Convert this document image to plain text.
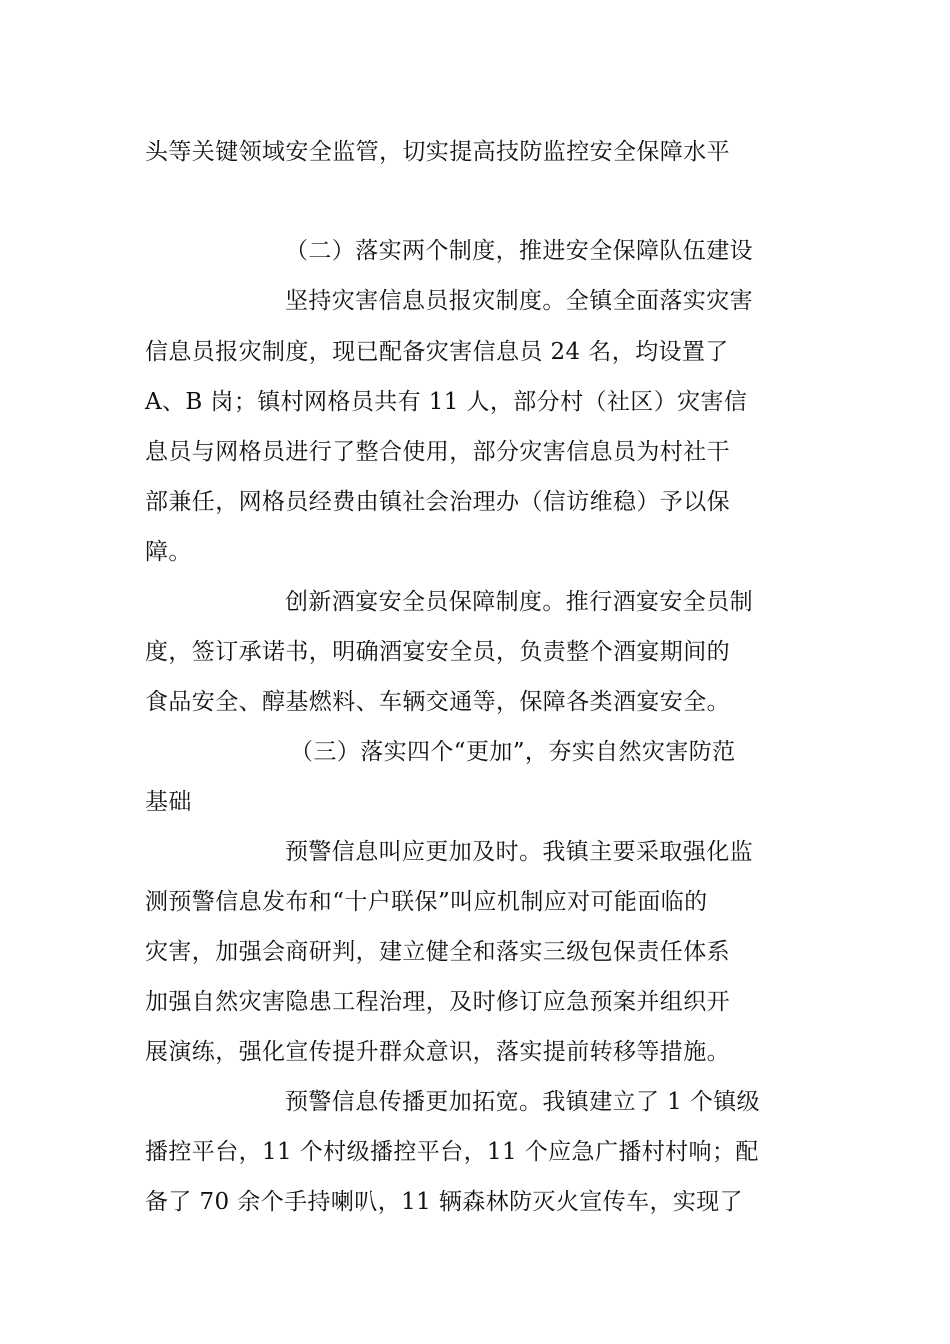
头等关键领域安全监管，切实提高技防监控安全保障水平
（二）落实两个制度，推进安全保障队伍建设
坚持灾害信息员报灾制度。全镇全面落实灾害
信息员报灾制度，现已配备灾害信息员 24 名，均设置了
A、B 岗；镇村网格员共有 11 人，部分村（社区）灾害信
息员与网格员进行了整合使用，部分灾害信息员为村社干
部兼任，网格员经费由镇社会治理办（信访维稳）予以保
障。
创新酒宴安全员保障制度。推行酒宴安全员制
度，签订承诺书，明确酒宴安全员，负责整个酒宴期间的
食品安全、醇基燃料、车辆交通等，保障各类酒宴安全。
（三）落实四个“更加”，夯实自然灾害防范
基础
预警信息叫应更加及时。我镇主要采取强化监
测预警信息发布和“十户联保”叫应机制应对可能面临的
灾害，加强会商研判，建立健全和落实三级包保责任体系
加强自然灾害隐患工程治理，及时修订应急预案并组织开
展演练，强化宣传提升群众意识，落实提前转移等措施。
预警信息传播更加拓宽。我镇建立了 1 个镇级
播控平台，11 个村级播控平台，11 个应急广播村村响；配
备了 70 余个手持喇叭，11 辆森林防灭火宣传车，实现了
